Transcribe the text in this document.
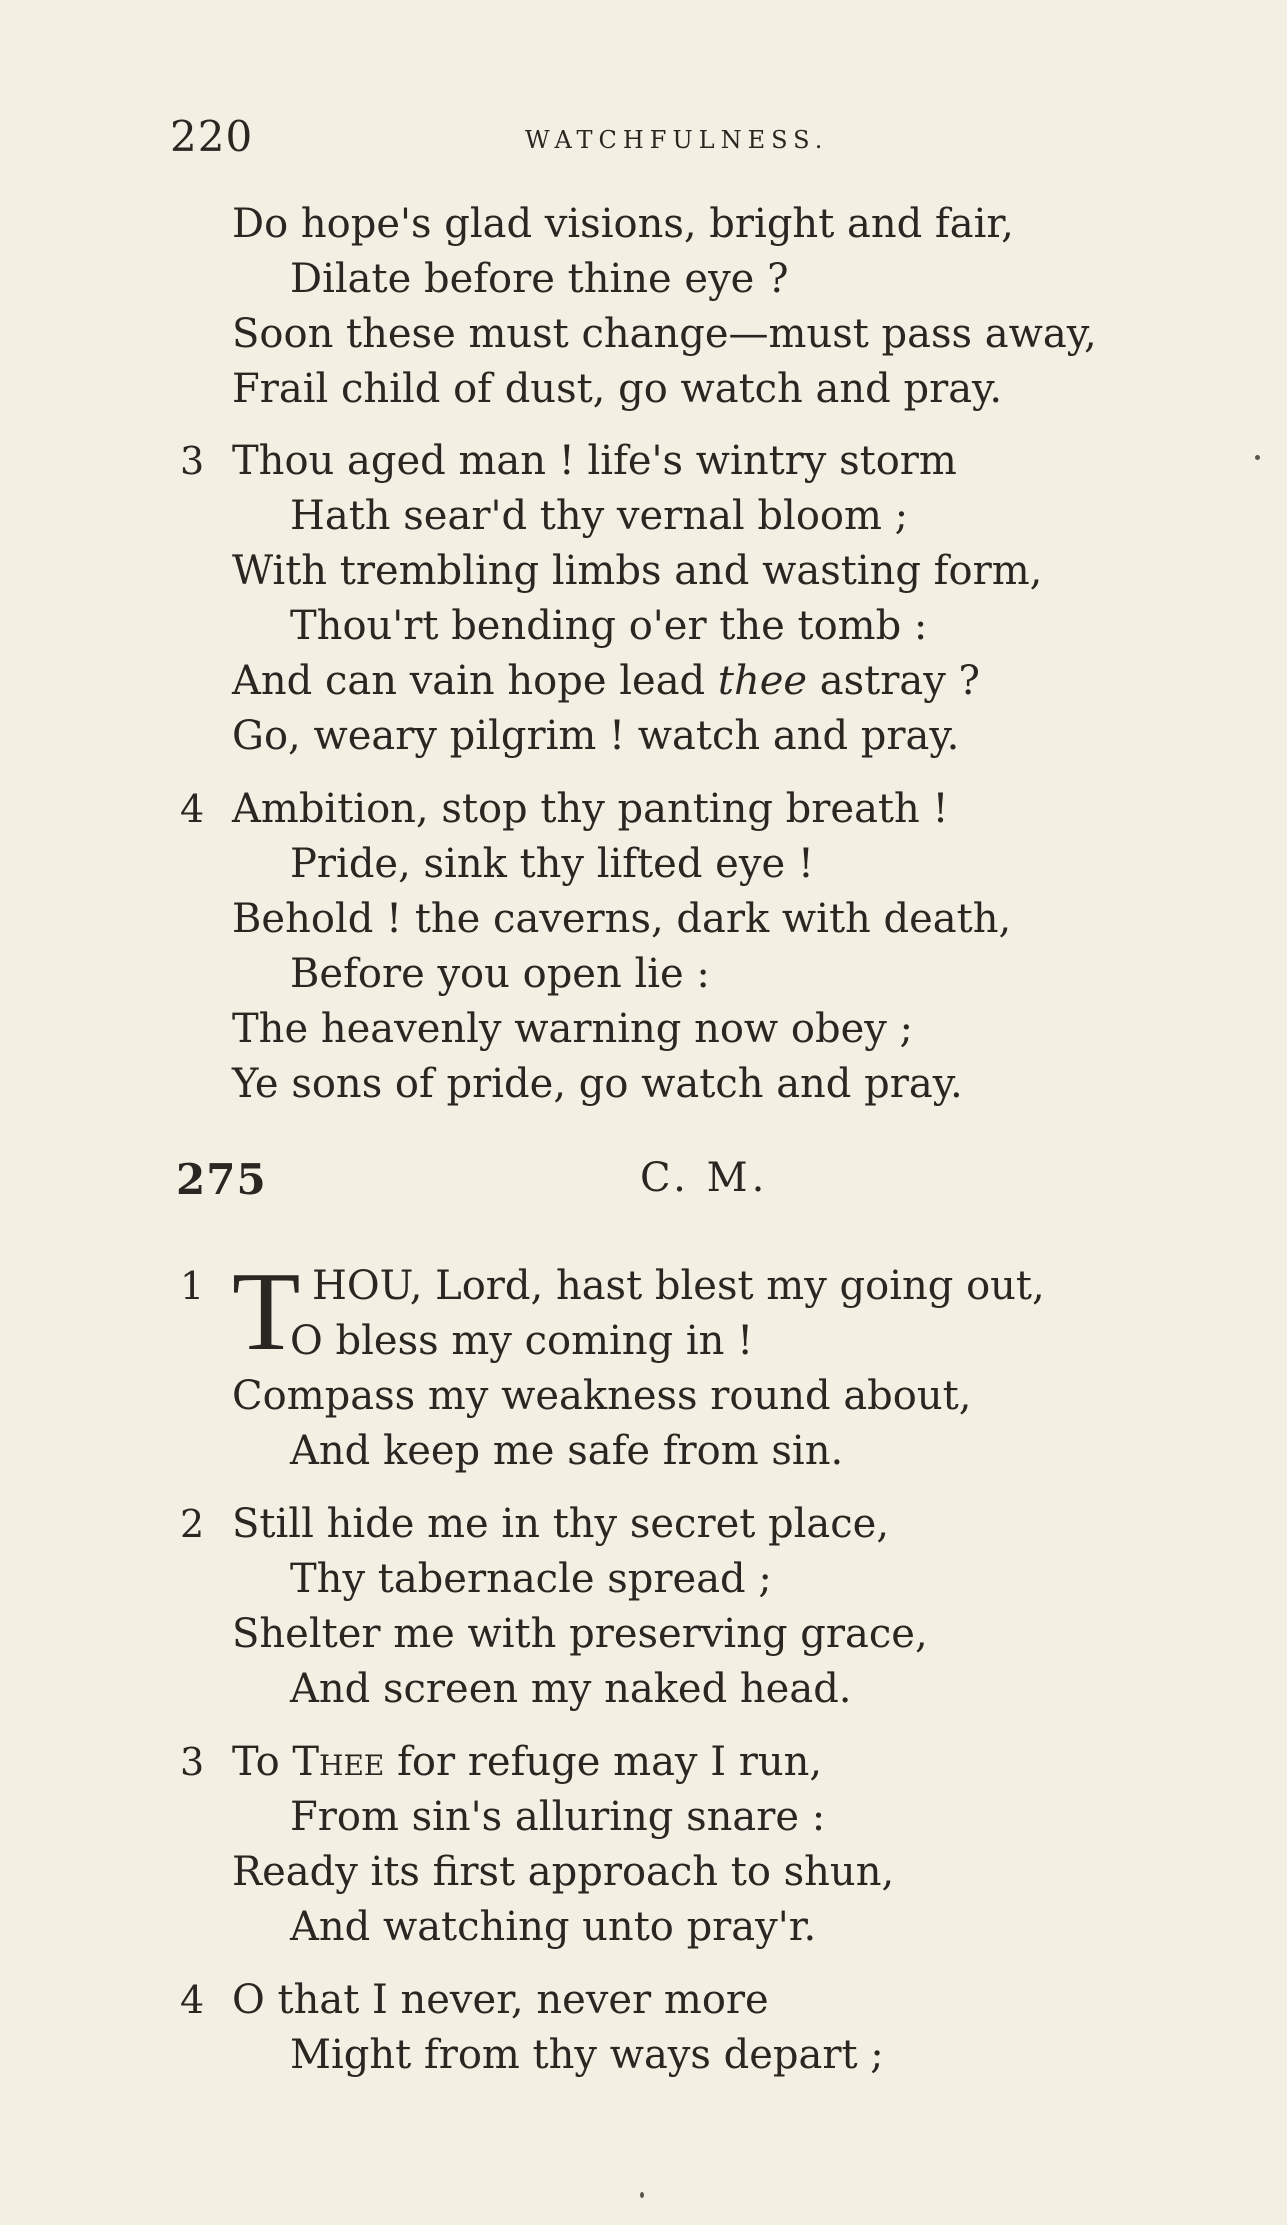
220	WATCHFULNESS.
Do hope's glad visions, bright and fair,
Dilate before thine eye ?
Soon these must change—must pass away,
Frail child of dust, go watch and pray.
3 Thou aged man ! life's wintry storm
Hath sear'd thy vernal bloom ;
With trembling limbs and wasting form,
Thou'rt bending o'er the tomb :
And can vain hope lead thee astray ?
Go, weary pilgrim ! watch and pray.
4 Ambition, stop thy panting breath !
Pride, sink thy lifted eye !
Behold ! the caverns, dark with death,
Before you open lie :
The heavenly warning now obey ;
Ye sons of pride, go watch and pray.
275	C. M.
1 T HOU, Lord, hast blest my going out,
O bless my coming in !
Compass my weakness round about,
And keep me safe from sin.
2 Still hide me in thy secret place,
Thy tabernacle spread ;
Shelter me with preserving grace,
And screen my naked head.
3 To Thee for refuge may I run,
From sin's alluring snare :
Ready its first approach to shun,
And watching unto pray'r.
4 O that I never, never more
Might from thy ways depart ;
